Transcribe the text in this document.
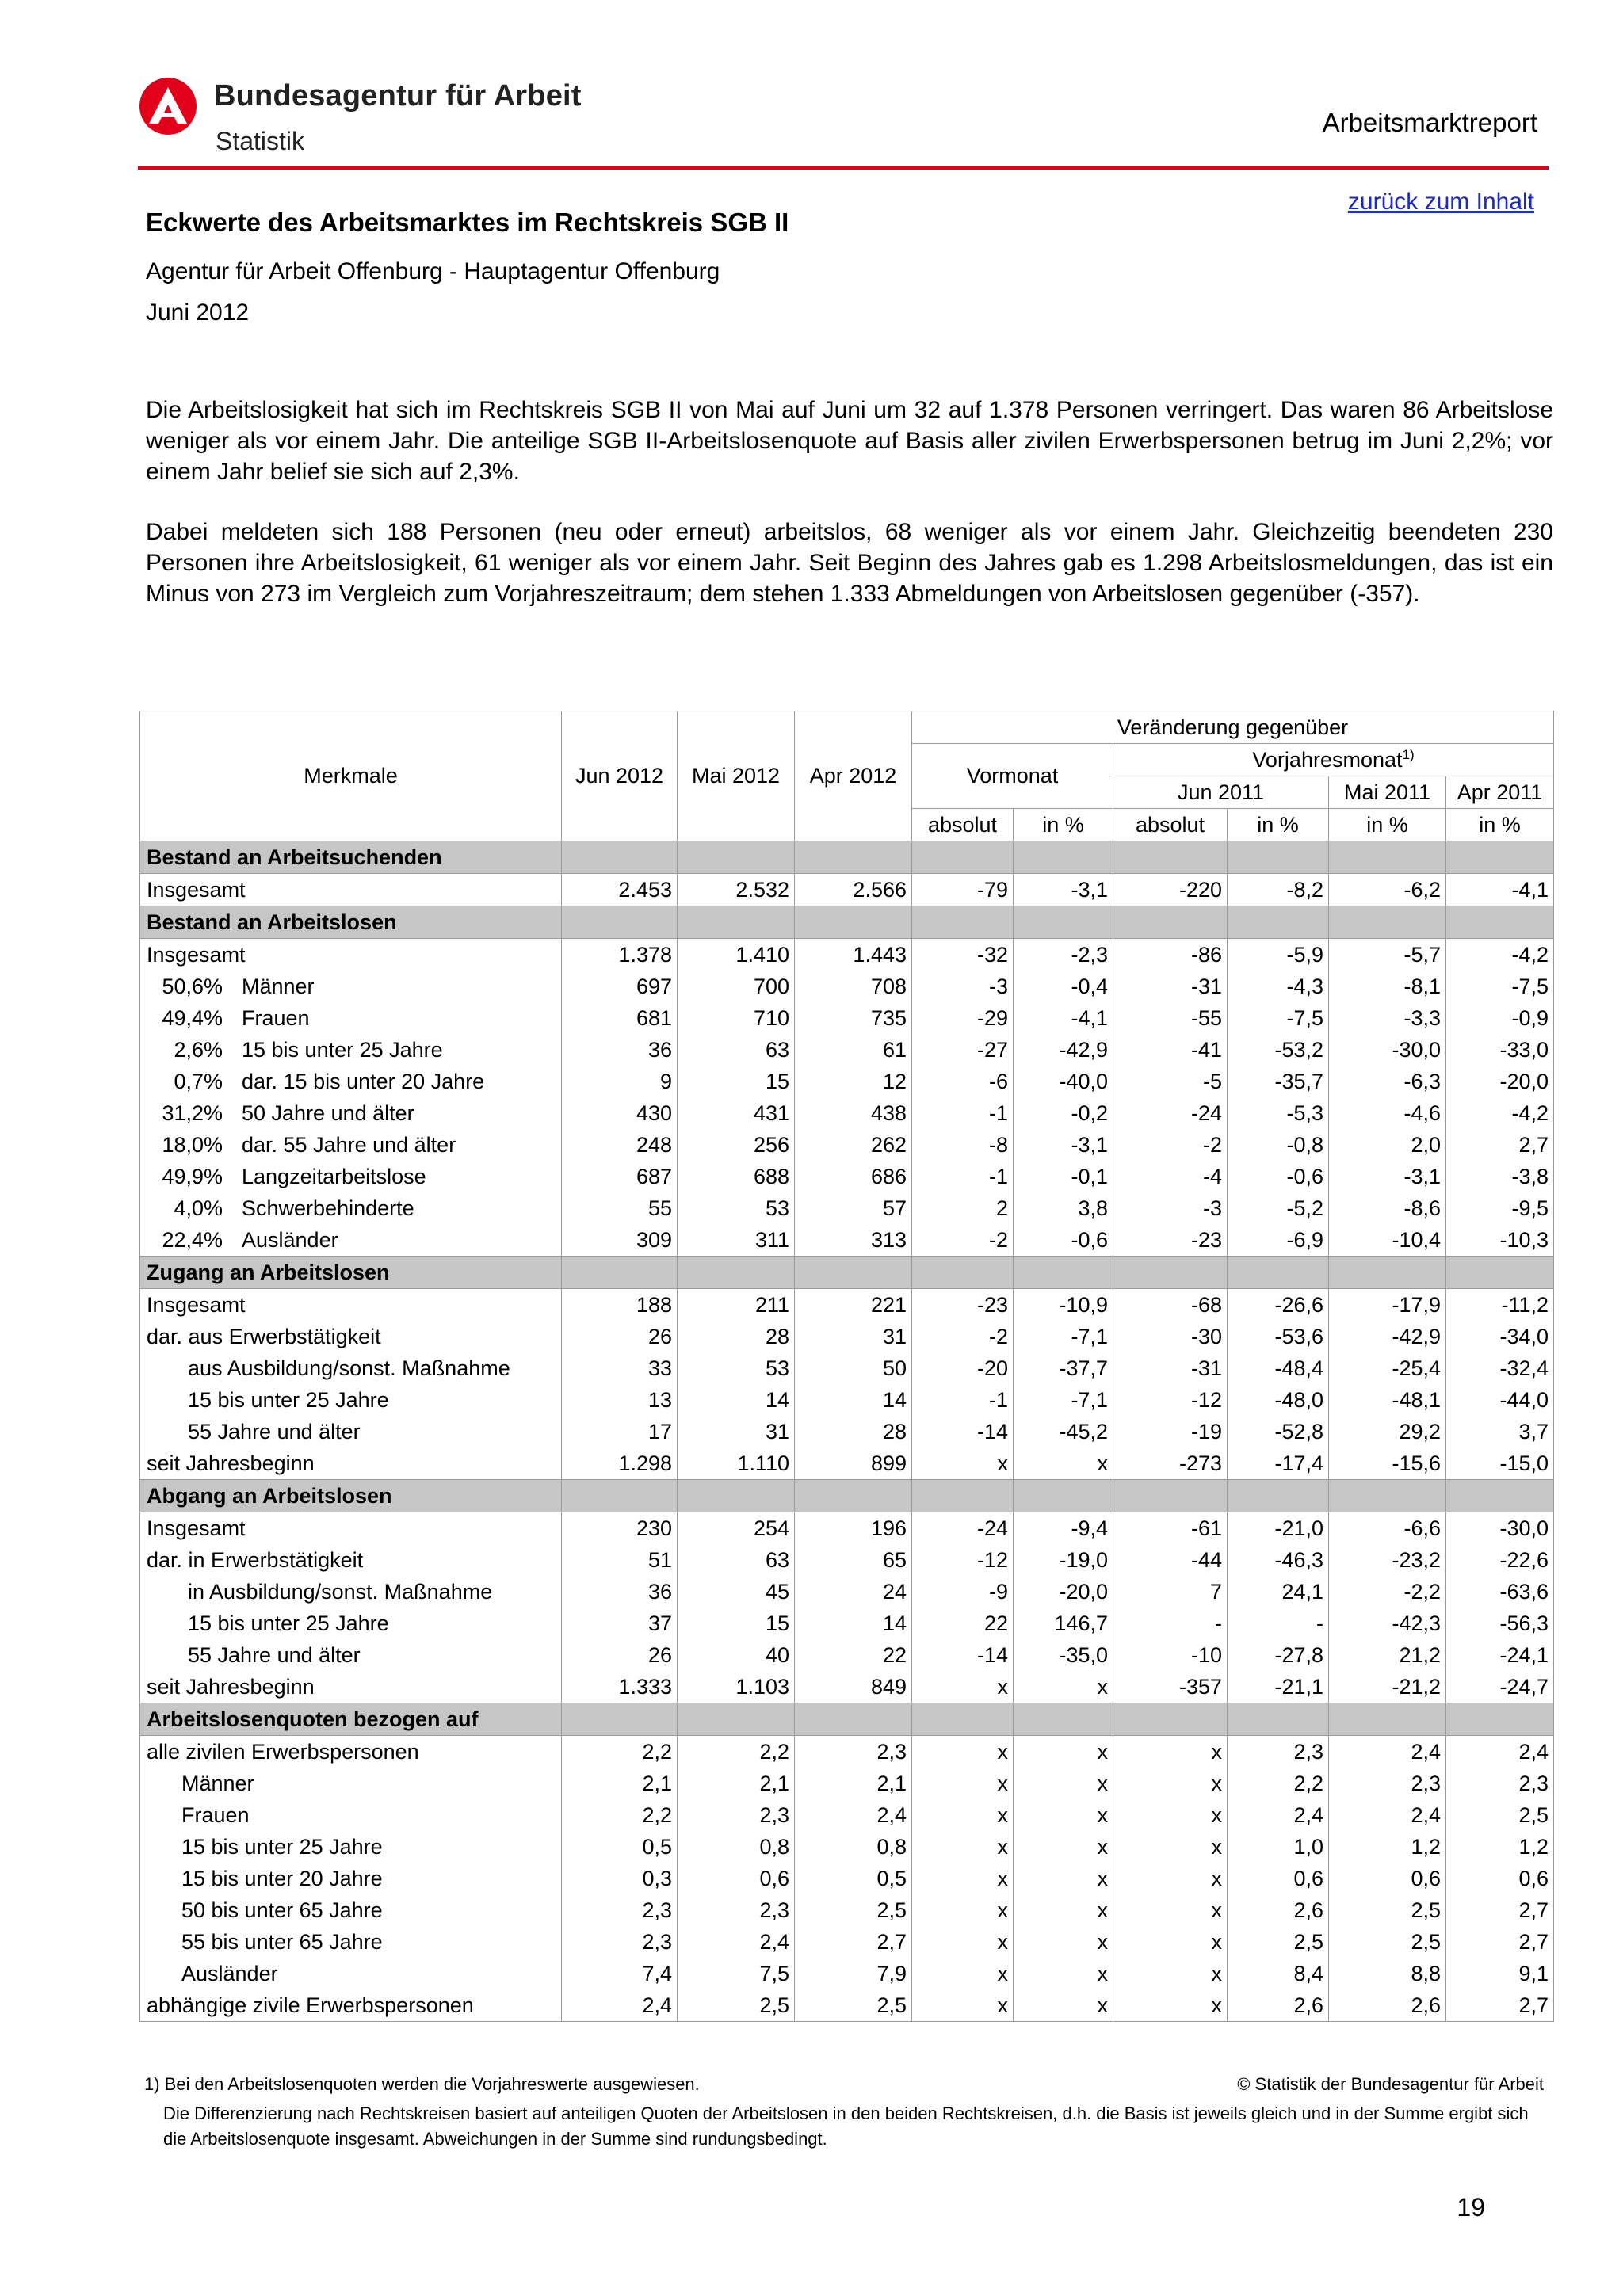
Bundesagentur für Arbeit
Statistik
Arbeitsmarktreport
zurück zum Inhalt
Eckwerte des Arbeitsmarktes im Rechtskreis SGB II
Agentur für Arbeit Offenburg - Hauptagentur Offenburg
Juni 2012
Die Arbeitslosigkeit hat sich im Rechtskreis SGB II von Mai auf Juni um 32 auf 1.378 Personen verringert. Das waren 86 Arbeitslose weniger als vor einem Jahr. Die anteilige SGB II-Arbeitslosenquote auf Basis aller zivilen Erwerbspersonen betrug im Juni 2,2%; vor einem Jahr belief sie sich auf 2,3%.
Dabei meldeten sich 188 Personen (neu oder erneut) arbeitslos, 68 weniger als vor einem Jahr. Gleichzeitig beendeten 230 Personen ihre Arbeitslosigkeit, 61 weniger als vor einem Jahr. Seit Beginn des Jahres gab es 1.298 Arbeitslosmeldungen, das ist ein Minus von 273 im Vergleich zum Vorjahreszeitraum; dem stehen 1.333 Abmeldungen von Arbeitslosen gegenüber (-357).
Merkmale	Jun 2012	Mai 2012	Apr 2012	Veränderung gegenüber					
				Vormonat		Vorjahresmonat$^{1)}$
						Jun 2011		Mai 2011	Apr 2011
				absolut	in %	absolut	in %	in %	in %
Bestand an Arbeitsuchenden									
Insgesamt	2.453	2.532	2.566	-79	-3,1	-220	-8,2	-6,2	-4,1
Bestand an Arbeitslosen									
Insgesamt	1.378	1.410	1.443	-32	-2,3	-86	-5,9	-5,7	-4,2
50,6% Männer	697	700	708	-3	-0,4	-31	-4,3	-8,1	-7,5
49,4% Frauen	681	710	735	-29	-4,1	-55	-7,5	-3,3	-0,9
2,6% 15 bis unter 25 Jahre	36	63	61	-27	-42,9	-41	-53,2	-30,0	-33,0
0,7% dar. 15 bis unter 20 Jahre	9	15	12	-6	-40,0	-5	-35,7	-6,3	-20,0
31,2% 50 Jahre und älter	430	431	438	-1	-0,2	-24	-5,3	-4,6	-4,2
18,0% dar. 55 Jahre und älter	248	256	262	-8	-3,1	-2	-0,8	2,0	2,7
49,9% Langzeitarbeitslose	687	688	686	-1	-0,1	-4	-0,6	-3,1	-3,8
4,0% Schwerbehinderte	55	53	57	2	3,8	-3	-5,2	-8,6	-9,5
22,4% Ausländer	309	311	313	-2	-0,6	-23	-6,9	-10,4	-10,3
Zugang an Arbeitslosen									
Insgesamt	188	211	221	-23	-10,9	-68	-26,6	-17,9	-11,2
dar. aus Erwerbstätigkeit	26	28	31	-2	-7,1	-30	-53,6	-42,9	-34,0
aus Ausbildung/sonst. Maßnahme	33	53	50	-20	-37,7	-31	-48,4	-25,4	-32,4
15 bis unter 25 Jahre	13	14	14	-1	-7,1	-12	-48,0	-48,1	-44,0
55 Jahre und älter	17	31	28	-14	-45,2	-19	-52,8	29,2	3,7
seit Jahresbeginn	1.298	1.110	899	x	x	-273	-17,4	-15,6	-15,0
Abgang an Arbeitslosen									
Insgesamt	230	254	196	-24	-9,4	-61	-21,0	-6,6	-30,0
dar. in Erwerbstätigkeit	51	63	65	-12	-19,0	-44	-46,3	-23,2	-22,6
in Ausbildung/sonst. Maßnahme	36	45	24	-9	-20,0	7	24,1	-2,2	-63,6
15 bis unter 25 Jahre	37	15	14	22	146,7	-	-	-42,3	-56,3
55 Jahre und älter	26	40	22	-14	-35,0	-10	-27,8	21,2	-24,1
seit Jahresbeginn	1.333	1.103	849	x	x	-357	-21,1	-21,2	-24,7
Arbeitslosenquoten bezogen auf									
alle zivilen Erwerbspersonen	2,2	2,2	2,3	x	x	x	2,3	2,4	2,4
Männer	2,1	2,1	2,1	x	x	x	2,2	2,3	2,3
Frauen	2,2	2,3	2,4	x	x	x	2,4	2,4	2,5
15 bis unter 25 Jahre	0,5	0,8	0,8	x	x	x	1,0	1,2	1,2
15 bis unter 20 Jahre	0,3	0,6	0,5	x	x	x	0,6	0,6	0,6
50 bis unter 65 Jahre	2,3	2,3	2,5	x	x	x	2,6	2,5	2,7
55 bis unter 65 Jahre	2,3	2,4	2,7	x	x	x	2,5	2,5	2,7
Ausländer	7,4	7,5	7,9	x	x	x	8,4	8,8	9,1
abhängige zivile Erwerbspersonen	2,4	2,5	2,5	x	x	x	2,6	2,6	2,7
1) Bei den Arbeitslosenquoten werden die Vorjahreswerte ausgewiesen.	© Statistik der Bundesagentur für Arbeit
Die Differenzierung nach Rechtskreisen basiert auf anteiligen Quoten der Arbeitslosen in den beiden Rechtskreisen, d.h. die Basis ist jeweils gleich und in der Summe ergibt sich die Arbeitslosenquote insgesamt. Abweichungen in der Summe sind rundungsbedingt.
19
